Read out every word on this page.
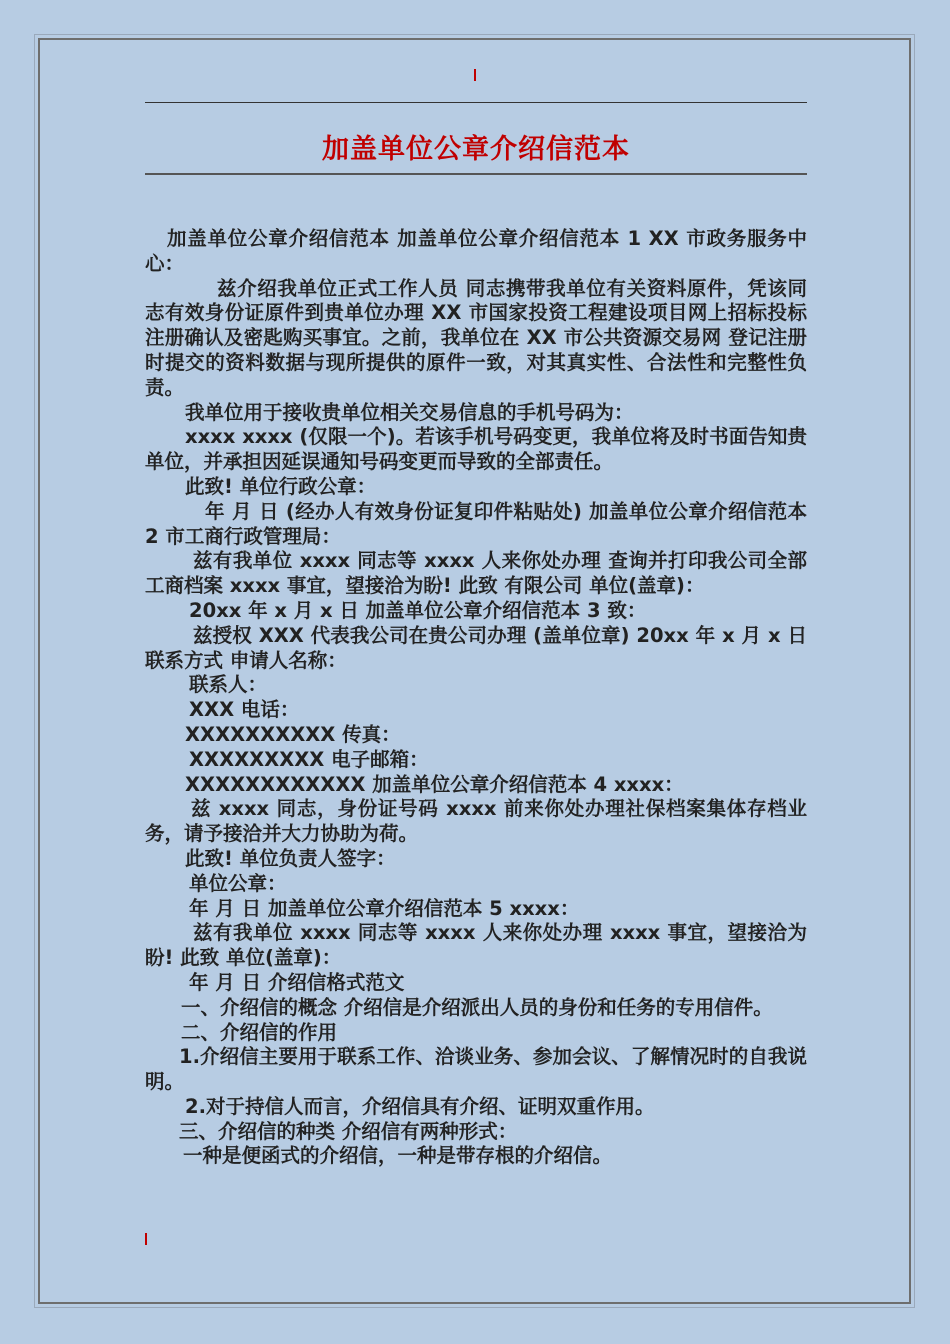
加盖单位公章介绍信范本

加盖单位公章介绍信范本 加盖单位公章介绍信范本 1 XX 市政务服务中心：

兹介绍我单位正式工作人员 同志携带我单位有关资料原件，凭该同志有效身份证原件到贵单位办理 XX 市国家投资工程建设项目网上招标投标注册确认及密匙购买事宜。之前，我单位在 XX 市公共资源交易网 登记注册 时提交的资料数据与现所提供的原件一致，对其真实性、合法性和完整性负责。

我单位用于接收贵单位相关交易信息的手机号码为：

xxxx xxxx (仅限一个)。若该手机号码变更，我单位将及时书面告知贵单位，并承担因延误通知号码变更而导致的全部责任。

此致! 单位行政公章：

年 月 日 (经办人有效身份证复印件粘贴处) 加盖单位公章介绍信范本 2 市工商行政管理局：

兹有我单位 xxxx 同志等 xxxx 人来你处办理 查询并打印我公司全部工商档案 xxxx 事宜，望接洽为盼! 此致 有限公司 单位(盖章)：

20xx 年 x 月 x 日 加盖单位公章介绍信范本 3 致：

兹授权 XXX 代表我公司在贵公司办理 (盖单位章) 20xx 年 x 月 x 日 联系方式 申请人名称：

联系人：

XXX 电话：

XXXXXXXXXX 传真：

XXXXXXXXX 电子邮箱：

XXXXXXXXXXXX 加盖单位公章介绍信范本 4 xxxx：

兹 xxxx 同志，身份证号码 xxxx 前来你处办理社保档案集体存档业务，请予接洽并大力协助为荷。

此致! 单位负责人签字：

单位公章：

年 月 日 加盖单位公章介绍信范本 5 xxxx：

兹有我单位 xxxx 同志等 xxxx 人来你处办理 xxxx 事宜，望接洽为盼! 此致 单位(盖章)：

年 月 日 介绍信格式范文

一、介绍信的概念 介绍信是介绍派出人员的身份和任务的专用信件。

二、介绍信的作用

1.介绍信主要用于联系工作、洽谈业务、参加会议、了解情况时的自我说明。

2.对于持信人而言，介绍信具有介绍、证明双重作用。

三、介绍信的种类 介绍信有两种形式：

一种是便函式的介绍信，一种是带存根的介绍信。
